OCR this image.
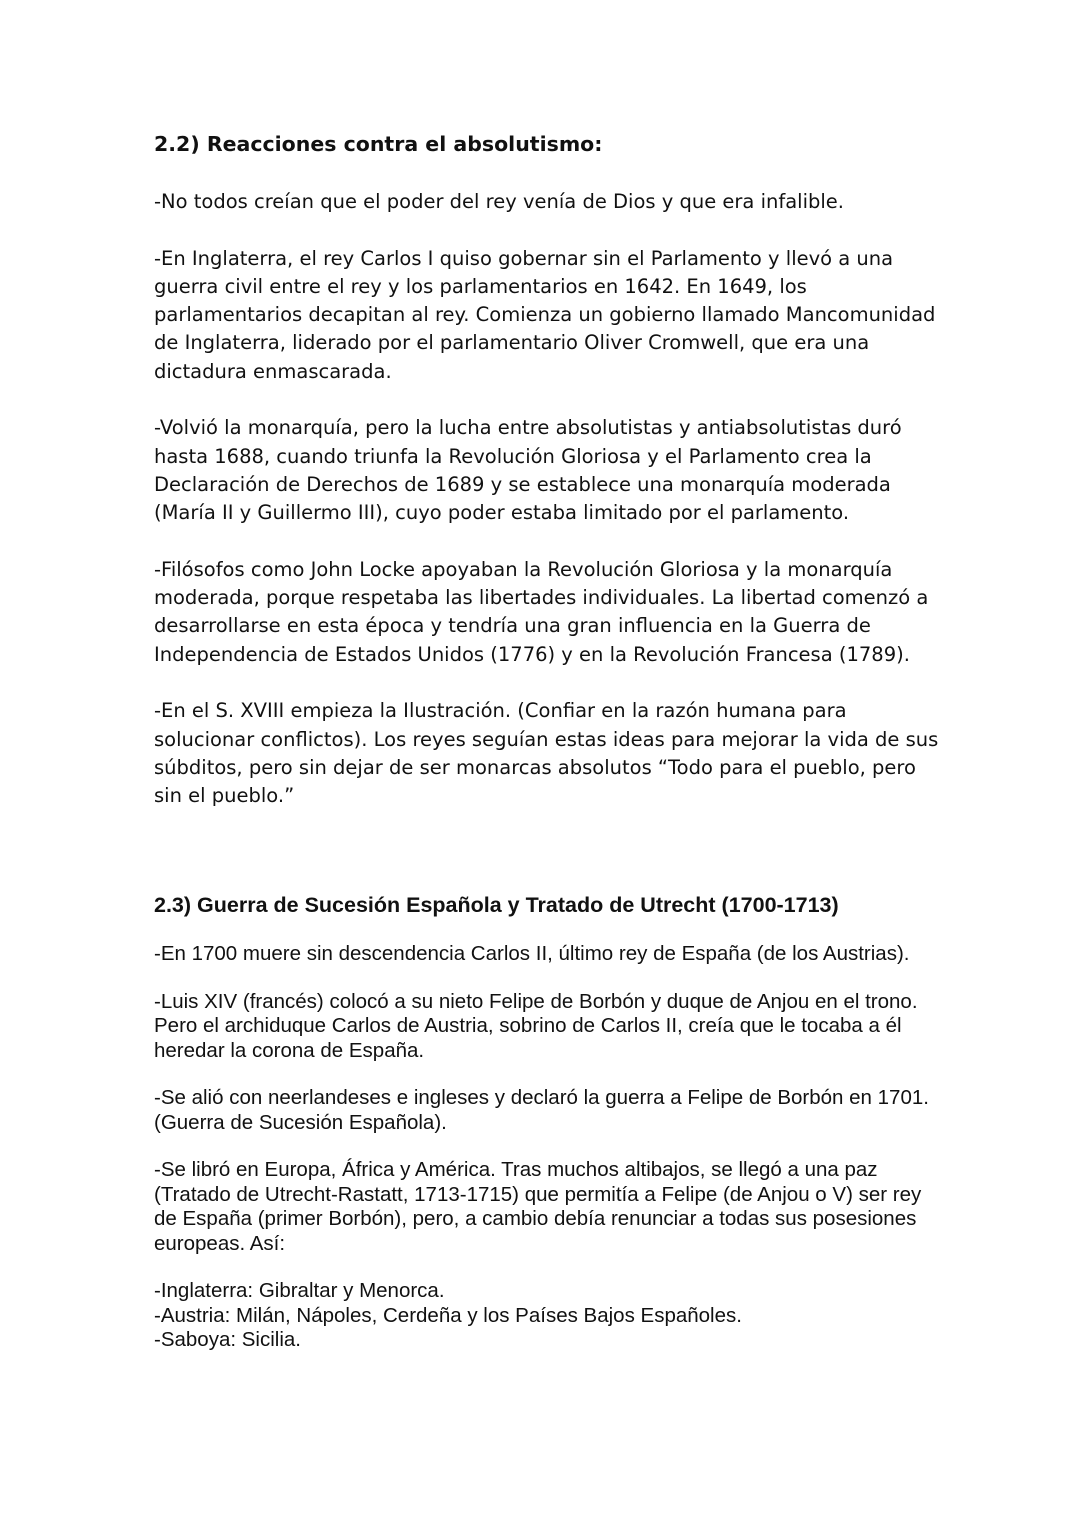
2.2) Reacciones contra el absolutismo:

-No todos creían que el poder del rey venía de Dios y que era infalible.

-En Inglaterra, el rey Carlos I quiso gobernar sin el Parlamento y llevó a una guerra civil entre el rey y los parlamentarios en 1642. En 1649, los parlamentarios decapitan al rey. Comienza un gobierno llamado Mancomunidad de Inglaterra, liderado por el parlamentario Oliver Cromwell, que era una dictadura enmascarada.

-Volvió la monarquía, pero la lucha entre absolutistas y antiabsolutistas duró hasta 1688, cuando triunfa la Revolución Gloriosa y el Parlamento crea la Declaración de Derechos de 1689 y se establece una monarquía moderada (María II y Guillermo III), cuyo poder estaba limitado por el parlamento.

-Filósofos como John Locke apoyaban la Revolución Gloriosa y la monarquía moderada, porque respetaba las libertades individuales. La libertad comenzó a desarrollarse en esta época y tendría una gran influencia en la Guerra de Independencia de Estados Unidos (1776) y en la Revolución Francesa (1789).

-En el S. XVIII empieza la Ilustración. (Confiar en la razón humana para solucionar conflictos). Los reyes seguían estas ideas para mejorar la vida de sus súbditos, pero sin dejar de ser monarcas absolutos “Todo para el pueblo, pero sin el pueblo.”

2.3) Guerra de Sucesión Española y Tratado de Utrecht (1700-1713)

-En 1700 muere sin descendencia Carlos II, último rey de España (de los Austrias).

-Luis XIV (francés) colocó a su nieto Felipe de Borbón y duque de Anjou en el trono. Pero el archiduque Carlos de Austria, sobrino de Carlos II, creía que le tocaba a él heredar la corona de España.

-Se alió con neerlandeses e ingleses y declaró la guerra a Felipe de Borbón en 1701. (Guerra de Sucesión Española).

-Se libró en Europa, África y América. Tras muchos altibajos, se llegó a una paz (Tratado de Utrecht-Rastatt, 1713-1715) que permitía a Felipe (de Anjou o V) ser rey de España (primer Borbón), pero, a cambio debía renunciar a todas sus posesiones europeas. Así:

-Inglaterra: Gibraltar y Menorca.
-Austria: Milán, Nápoles, Cerdeña y los Países Bajos Españoles.
-Saboya: Sicilia.
